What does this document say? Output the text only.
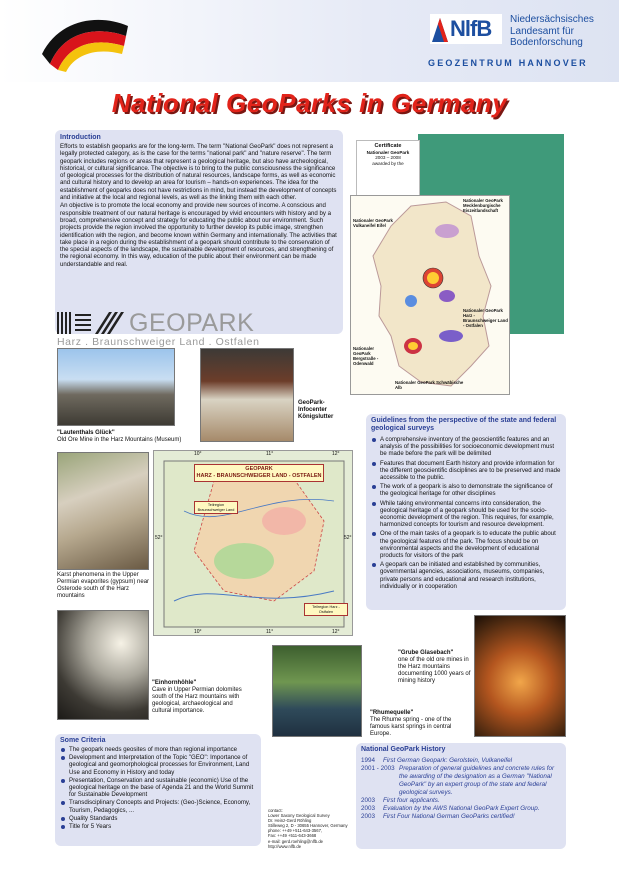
NlfB Niedersächsisches
Landesamt für
Bodenforschung
GEOZENTRUM HANNOVER
National GeoParks in Germany
Introduction

Efforts to establish geoparks are for the long-term. The term "National GeoPark" does not represent a legally protected category, as is the case for the terms "national park" and "nature reserve". The term geopark includes regions or areas that represent a geological heritage, but also have archeological, historical, or cultural significance. The objective is to bring to the public consciousness the significance of geological processes for the distribution of natural resources, landscape forms, as well as economic and cultural history and to develop an area for tourism – hands-on experiences. The idea for the establishment of geoparks does not have restrictions in mind, but instead the development of concepts and initiative at the local and regional levels, as well as the linking them with each other.

An objective is to promote the local economy and provide new sources of income. A conscious and responsible treatment of our natural heritage is encouraged by vivid encounters with history and by a broad, comprehensive concept and strategy for educating the public about our environment. Such projects provide the region involved the opportunity to further develop its public image, strengthen identification with the region, and become known within Germany and internationally. The activities that take place in a region during the establishment of a geopark should contribute to the conservation of the special aspects of the landscape, the sustainable development of resources, and strengthening of the regional economy. In this way, education of the public about their environment can be made understandable and real.

GEOPARK
Harz . Braunschweiger Land . Ostfalen
Certificate
Nationaler GeoPark
2003 – 2008
awarded by the
Nationaler GeoPark Mecklenburgische Eiszeitlandschaft
Nationaler GeoPark Vulkaneifel Eifel
Nationaler GeoPark Harz - Braunschweiger Land - Ostfalen
Nationaler GeoPark Bergstraße - Odenwald
Nationaler GeoPark Schwäbische Alb
"Lautenthals Glück"
Old Ore Mine in the Harz Mountains (Museum)
GeoPark-Infocenter Königslutter
Karst phenomena in the Upper Permian evaporites (gypsum) near Osterode south of the Harz mountains
"Einhornhöhle"
Cave in Upper Permian dolomites south of the Harz mountains with geological, archaeological and cultural importance.
GEOPARK
HARZ - BRAUNSCHWEIGER LAND - OSTFALEN
Teilregion Braunschweiger Land
Teilregion Harz - Ostfalen
10°	11°	12°
10°	11°	12°
52°	52°
Guidelines from the perspective of the state and federal geological surveys
A comprehensive inventory of the geoscientific features and an analysis of the possibilities for socioeconomic development must be made before the park will be delimited
Features that document Earth history and provide information for the different geoscientific disciplines are to be preserved and made accessible to the public.
The work of a geopark is also to demonstrate the significance of the geological heritage for other disciplines
While taking environmental concerns into consideration, the geological heritage of a geopark should be used for the socio-economic development of the region. This requires, for example, harmonized concepts for tourism and resource development.
One of the main tasks of a geopark is to educate the public about the geological features of the park. The focus should be on environmental aspects and the development of educational products for visitors of the park
A geopark can be initiated and established by communities, governmental agencies, associations, museums, companies, private persons and educational and research institutions, individually or in cooperation
"Rhumequelle"
The Rhume spring - one of the famous karst springs in central Europe.
"Grube Glasebach"
one of the old ore mines in the Harz mountains documenting 1000 years of mining history
Some Criteria
The geopark needs geosites of more than regional importance
Development and Interpretation of the Topic "GEO": Importance of geological and geomorphological processes for Environment, Land Use and Economy in History and today
Presentation, Conservation and sustainable (economic) Use of the geological heritage on the base of Agenda 21 and the World Summit for Sustainable Development
Transdisciplinary Concepts and Projects: (Geo-)Science, Economy, Tourism, Pedagogics, ...
Quality Standards
Title for 5 Years
contact:
Lower Saxony Geological Survey
Dr. Heinz-Gerd Röhling
Stilleweg 2, D - 30655 Hannover, Germany
phone: ++49 +511-643-3567,
Fax: ++49 +511-643-3668
e-mail: gerd.roehling@nlfb.de
http://www.nlfb.de
National GeoPark History
1994	First German Geopark: Gerolstein, Vulkaneifel
2001 - 2003 Preparation of general guidelines and concrete rules for the awarding of the designation as a German "National GeoPark" by an expert group of the state and federal geological surveys.
2003	First four applicants.
2003	Evaluation by the AWS National GeoPark Expert Group.
2003	First Four National German GeoParks certified!
